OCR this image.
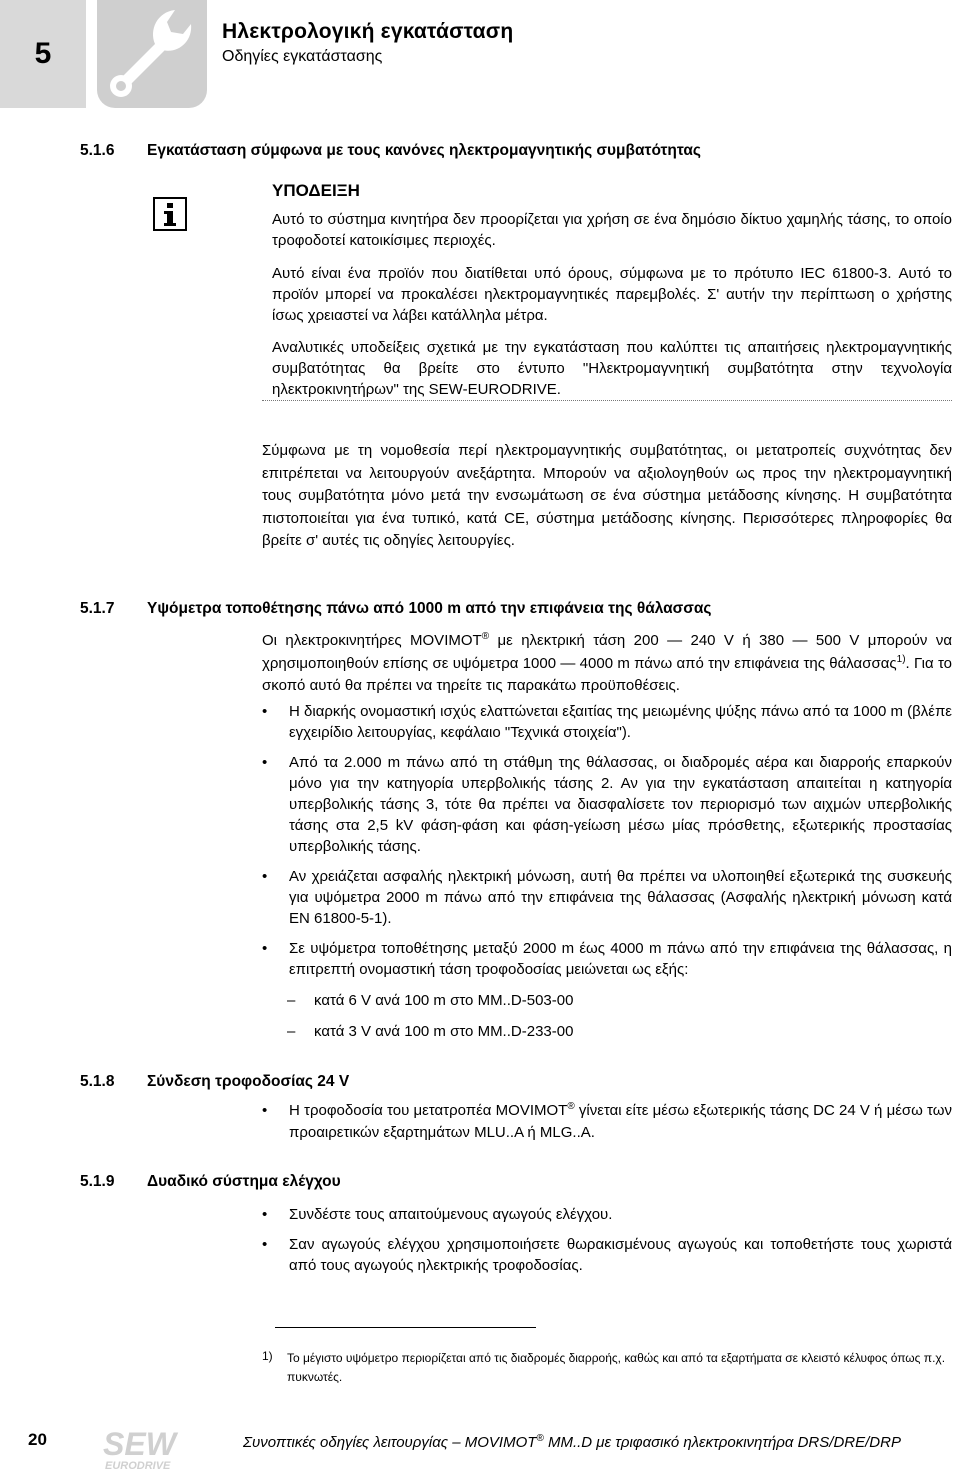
5
Ηλεκτρολογική εγκατάσταση
Οδηγίες εγκατάστασης
5.1.6 Εγκατάσταση σύμφωνα με τους κανόνες ηλεκτρομαγνητικής συμβατότητας
ΥΠΟΔΕΙΞΗ

Αυτό το σύστημα κινητήρα δεν προορίζεται για χρήση σε ένα δημόσιο δίκτυο χαμηλής τάσης, το οποίο τροφοδοτεί κατοικίσιμες περιοχές.

Αυτό είναι ένα προϊόν που διατίθεται υπό όρους, σύμφωνα με το πρότυπο IEC 61800-3. Αυτό το προϊόν μπορεί να προκαλέσει ηλεκτρομαγνητικές παρεμβολές. Σ' αυτήν την περίπτωση ο χρήστης ίσως χρειαστεί να λάβει κατάλληλα μέτρα.

Αναλυτικές υποδείξεις σχετικά με την εγκατάσταση που καλύπτει τις απαιτήσεις ηλεκτρομαγνητικής συμβατότητας θα βρείτε στο έντυπο "Ηλεκτρομαγνητική συμβατότητα στην τεχνολογία ηλεκτροκινητήρων" της SEW-EURODRIVE.

Σύμφωνα με τη νομοθεσία περί ηλεκτρομαγνητικής συμβατότητας, οι μετατροπείς συχνότητας δεν επιτρέπεται να λειτουργούν ανεξάρτητα. Μπορούν να αξιολογηθούν ως προς την ηλεκτρομαγνητική τους συμβατότητα μόνο μετά την ενσωμάτωση σε ένα σύστημα μετάδοσης κίνησης. Η συμβατότητα πιστοποιείται για ένα τυπικό, κατά CE, σύστημα μετάδοσης κίνησης. Περισσότερες πληροφορίες θα βρείτε σ' αυτές τις οδηγίες λειτουργίες.

5.1.7 Υψόμετρα τοποθέτησης πάνω από 1000 m από την επιφάνεια της θάλασσας

Οι ηλεκτροκινητήρες MOVIMOT® με ηλεκτρική τάση 200 — 240 V ή 380 — 500 V μπορούν να χρησιμοποιηθούν επίσης σε υψόμετρα 1000 — 4000 m πάνω από την επιφάνεια της θάλασσας$^{1)}$. Για το σκοπό αυτό θα πρέπει να τηρείτε τις παρακάτω προϋποθέσεις.

• Η διαρκής ονομαστική ισχύς ελαττώνεται εξαιτίας της μειωμένης ψύξης πάνω από τα 1000 m (βλέπε εγχειρίδιο λειτουργίας, κεφάλαιο "Τεχνικά στοιχεία").
• Από τα 2.000 m πάνω από τη στάθμη της θάλασσας, οι διαδρομές αέρα και διαρροής επαρκούν μόνο για την κατηγορία υπερβολικής τάσης 2. Αν για την εγκατάσταση απαιτείται η κατηγορία υπερβολικής τάσης 3, τότε θα πρέπει να διασφαλίσετε τον περιορισμό των αιχμών υπερβολικής τάσης στα 2,5 kV φάση-φάση και φάση-γείωση μέσω μίας πρόσθετης, εξωτερικής προστασίας υπερβολικής τάσης.
• Αν χρειάζεται ασφαλής ηλεκτρική μόνωση, αυτή θα πρέπει να υλοποιηθεί εξωτερικά της συσκευής για υψόμετρα 2000 m πάνω από την επιφάνεια της θάλασσας (Ασφαλής ηλεκτρική μόνωση κατά EN 61800-5-1).
• Σε υψόμετρα τοποθέτησης μεταξύ 2000 m έως 4000 m πάνω από την επιφάνεια της θάλασσας, η επιτρεπτή ονομαστική τάση τροφοδοσίας μειώνεται ως εξής:
– κατά 6 V ανά 100 m στο MM..D-503-00
– κατά 3 V ανά 100 m στο MM..D-233-00
5.1.8 Σύνδεση τροφοδοσίας 24 V
• Η τροφοδοσία του μετατροπέα MOVIMOT® γίνεται είτε μέσω εξωτερικής τάσης DC 24 V ή μέσω των προαιρετικών εξαρτημάτων MLU..A ή MLG..A.
5.1.9 Δυαδικό σύστημα ελέγχου
• Συνδέστε τους απαιτούμενους αγωγούς ελέγχου.
• Σαν αγωγούς ελέγχου χρησιμοποιήσετε θωρακισμένους αγωγούς και τοποθετήστε τους χωριστά από τους αγωγούς ηλεκτρικής τροφοδοσίας.
1) Το μέγιστο υψόμετρο περιορίζεται από τις διαδρομές διαρροής, καθώς και από τα εξαρτήματα σε κλειστό κέλυφος όπως π.χ. πυκνωτές.

20 SEW
EURODRIVE
Συνοπτικές οδηγίες λειτουργίας – MOVIMOT® MM..D με τριφασικό ηλεκτροκινητήρα DRS/DRE/DRP
